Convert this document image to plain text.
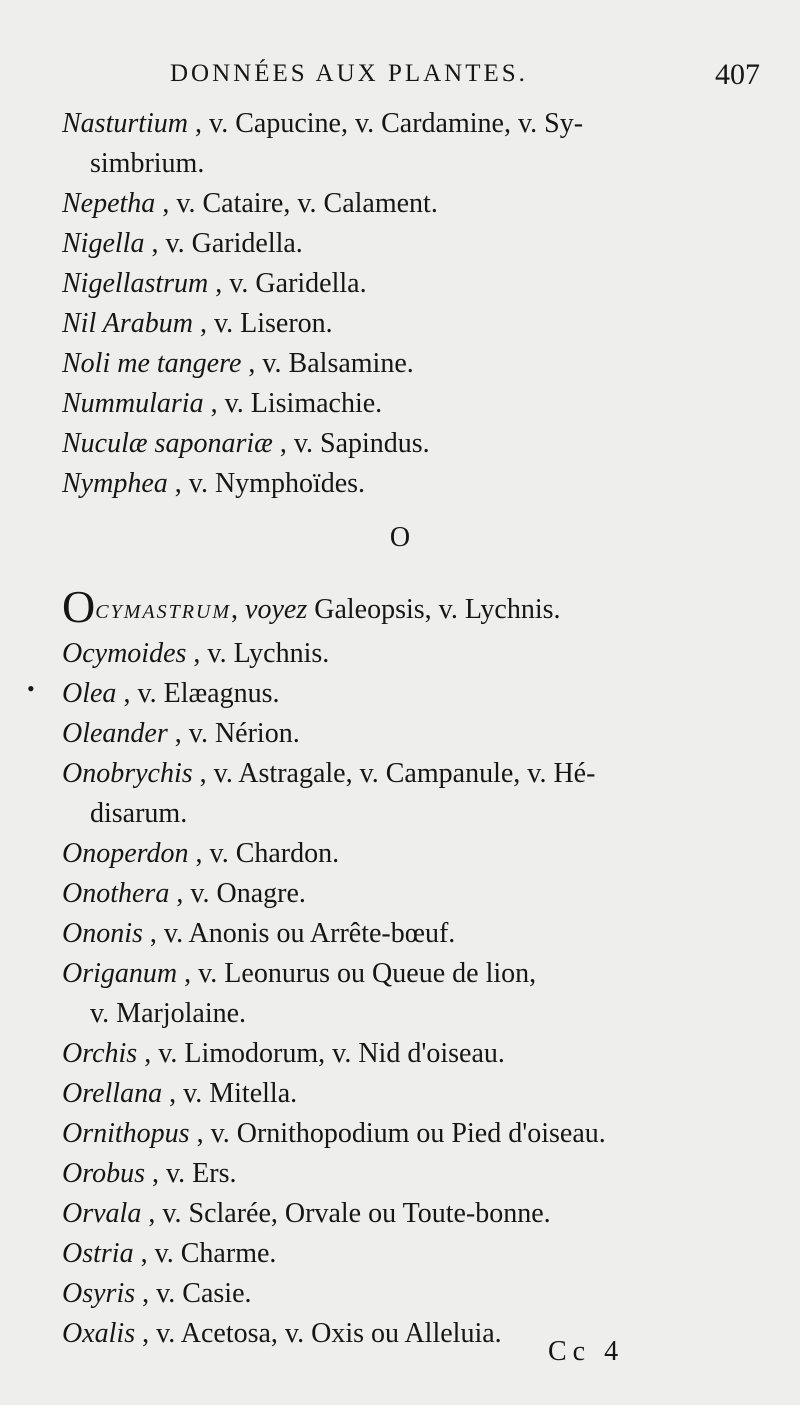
DONNÉES AUX PLANTES.	407
Nasturtium , v. Capucine, v. Cardamine, v. Sy-
simbrium.
Nepetha , v. Cataire, v. Calament.
Nigella , v. Garidella.
Nigellastrum , v. Garidella.
Nil Arabum , v. Liseron.
Noli me tangere , v. Balsamine.
Nummularia , v. Lisimachie.
Nuculæ saponariæ , v. Sapindus.
Nymphea , v. Nymphoïdes.
O
OCYMASTRUM, voyez Galeopsis, v. Lychnis.
•
Ocymoides , v. Lychnis.
Olea , v. Elæagnus.
Oleander , v. Nérion.
Onobrychis , v. Astragale, v. Campanule, v. Hé-
disarum.
Onoperdon , v. Chardon.
Onothera , v. Onagre.
Ononis , v. Anonis ou Arrête-bœuf.
Origanum , v. Leonurus ou Queue de lion,
v. Marjolaine.
Orchis , v. Limodorum, v. Nid d'oiseau.
Orellana , v. Mitella.
Ornithopus , v. Ornithopodium ou Pied d'oiseau.
Orobus , v. Ers.
Orvala , v. Sclarée, Orvale ou Toute-bonne.
Ostria , v. Charme.
Osyris , v. Casie.
Oxalis , v. Acetosa, v. Oxis ou Alleluia.
Cc 4
